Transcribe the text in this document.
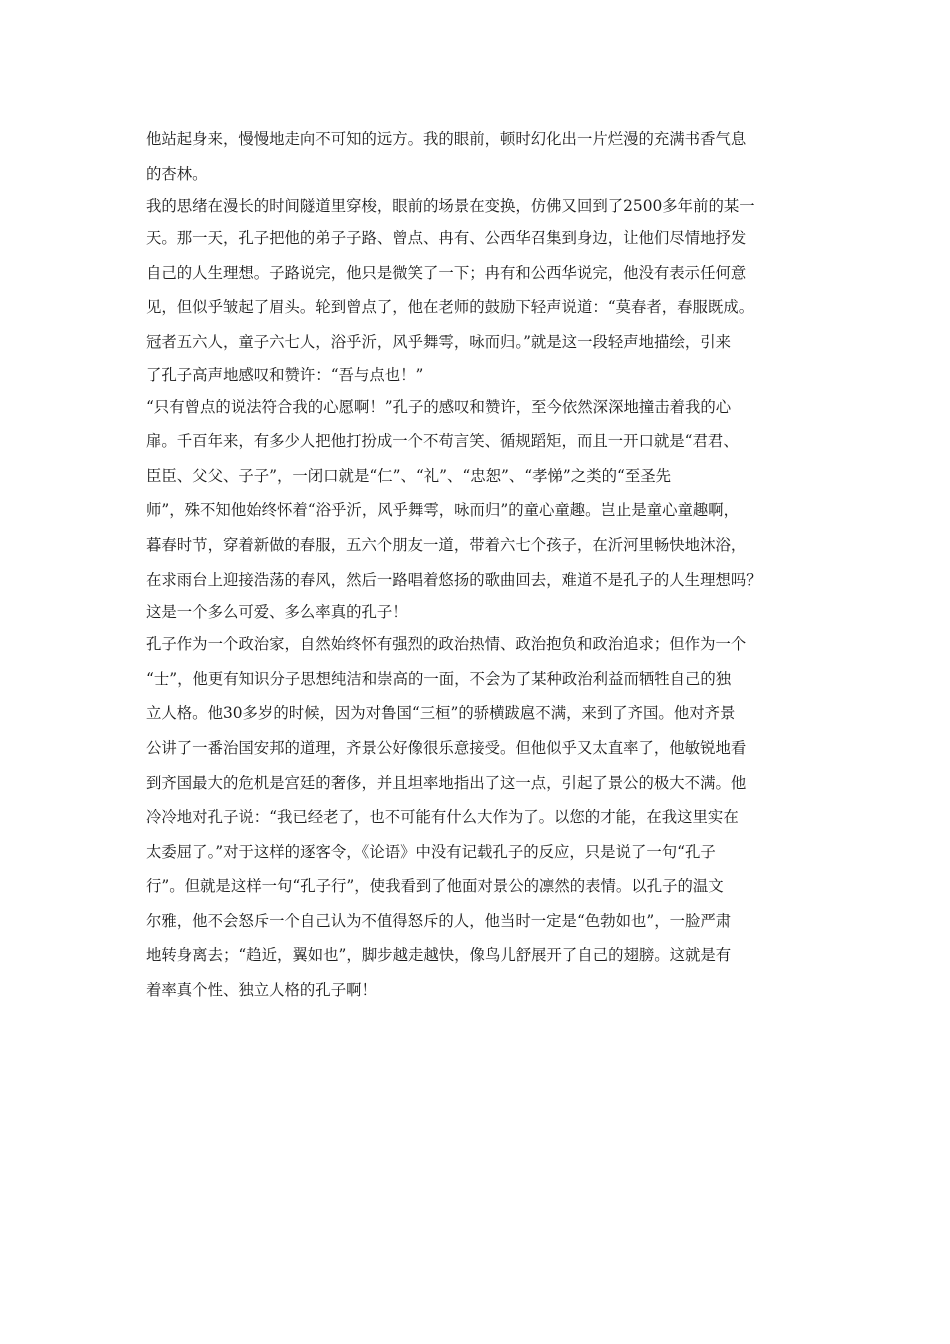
他站起身来，慢慢地走向不可知的远方。我的眼前，顿时幻化出一片烂漫的充满书香气息
的杏林。
我的思绪在漫长的时间隧道里穿梭，眼前的场景在变换，仿佛又回到了2500多年前的某一
天。那一天，孔子把他的弟子子路、曾点、冉有、公西华召集到身边，让他们尽情地抒发
自己的人生理想。子路说完，他只是微笑了一下；冉有和公西华说完，他没有表示任何意
见，但似乎皱起了眉头。轮到曾点了，他在老师的鼓励下轻声说道：“莫春者，春服既成。
冠者五六人，童子六七人，浴乎沂，风乎舞雩，咏而归。”就是这一段轻声地描绘，引来
了孔子高声地感叹和赞许：“吾与点也！”
“只有曾点的说法符合我的心愿啊！”孔子的感叹和赞许，至今依然深深地撞击着我的心
扉。千百年来，有多少人把他打扮成一个不苟言笑、循规蹈矩，而且一开口就是“君君、
臣臣、父父、子子”，一闭口就是“仁”、“礼”、“忠恕”、“孝悌”之类的“至圣先
师”，殊不知他始终怀着“浴乎沂，风乎舞雩，咏而归”的童心童趣。岂止是童心童趣啊，
暮春时节，穿着新做的春服，五六个朋友一道，带着六七个孩子，在沂河里畅快地沐浴，
在求雨台上迎接浩荡的春风，然后一路唱着悠扬的歌曲回去，难道不是孔子的人生理想吗？
这是一个多么可爱、多么率真的孔子！
孔子作为一个政治家，自然始终怀有强烈的政治热情、政治抱负和政治追求；但作为一个
“士”，他更有知识分子思想纯洁和崇高的一面，不会为了某种政治利益而牺牲自己的独
立人格。他30多岁的时候，因为对鲁国“三桓”的骄横跋扈不满，来到了齐国。他对齐景
公讲了一番治国安邦的道理，齐景公好像很乐意接受。但他似乎又太直率了，他敏锐地看
到齐国最大的危机是宫廷的奢侈，并且坦率地指出了这一点，引起了景公的极大不满。他
冷冷地对孔子说：“我已经老了，也不可能有什么大作为了。以您的才能，在我这里实在
太委屈了。”对于这样的逐客令，《论语》中没有记载孔子的反应，只是说了一句“孔子
行”。但就是这样一句“孔子行”，使我看到了他面对景公的凛然的表情。以孔子的温文
尔雅，他不会怒斥一个自己认为不值得怒斥的人，他当时一定是“色勃如也”，一脸严肃
地转身离去；“趋近，翼如也”，脚步越走越快，像鸟儿舒展开了自己的翅膀。这就是有
着率真个性、独立人格的孔子啊！
